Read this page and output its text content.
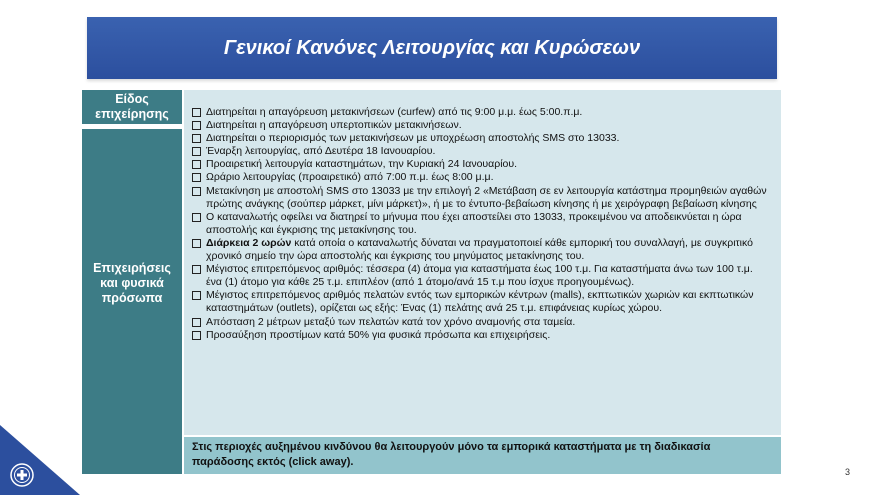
Γενικοί Κανόνες Λειτουργίας και Κυρώσεων
Είδος
επιχείρησης
Επιχειρήσεις
και φυσικά
πρόσωπα
Διατηρείται η απαγόρευση μετακινήσεων (curfew) από τις 9:00 μ.μ. έως 5:00.π.μ.
Διατηρείται η απαγόρευση υπερτοπικών μετακινήσεων.
Διατηρείται ο περιορισμός των μετακινήσεων με υποχρέωση αποστολής SMS στο 13033.
Έναρξη λειτουργίας, από Δευτέρα 18 Ιανουαρίου.
Προαιρετική λειτουργία καταστημάτων, την Κυριακή 24 Ιανουαρίου.
Ωράριο λειτουργίας (προαιρετικό) από 7:00 π.μ. έως 8:00 μ.μ.
Μετακίνηση με αποστολή SMS στο 13033 με την επιλογή 2 «Μετάβαση σε εν λειτουργία κατάστημα προμηθειών αγαθών πρώτης ανάγκης (σούπερ μάρκετ, μίνι μάρκετ)», ή με το έντυπο-βεβαίωση κίνησης ή με χειρόγραφη βεβαίωση κίνησης
Ο καταναλωτής οφείλει να διατηρεί το μήνυμα που έχει αποστείλει στο 13033, προκειμένου να αποδεικνύεται η ώρα αποστολής και έγκρισης της μετακίνησης του.
Διάρκεια 2 ωρών κατά οποία ο καταναλωτής δύναται να πραγματοποιεί κάθε εμπορική του συναλλαγή, με συγκριτικό χρονικό σημείο την ώρα αποστολής και έγκρισης του μηνύματος μετακίνησης του.
Μέγιστος επιτρεπόμενος αριθμός: τέσσερα (4) άτομα για καταστήματα έως 100 τ.μ. Για καταστήματα άνω των 100 τ.μ. ένα (1) άτομο για κάθε 25 τ.μ. επιπλέον (από 1 άτομο/ανά 15 τ.μ που ίσχυε προηγουμένως).
Μέγιστος επιτρεπόμενος αριθμός πελατών εντός των εμπορικών κέντρων (malls), εκπτωτικών χωριών και εκπτωτικών καταστημάτων (outlets), ορίζεται ως εξής: Ένας (1) πελάτης ανά 25 τ.μ. επιφάνειας κυρίως χώρου.
Απόσταση 2 μέτρων μεταξύ των πελατών κατά τον χρόνο αναμονής στα ταμεία.
Προσαύξηση προστίμων κατά 50% για φυσικά πρόσωπα και επιχειρήσεις.
Στις περιοχές αυξημένου κινδύνου θα λειτουργούν μόνο τα εμπορικά καταστήματα με τη διαδικασία παράδοσης εκτός (click away).
3
